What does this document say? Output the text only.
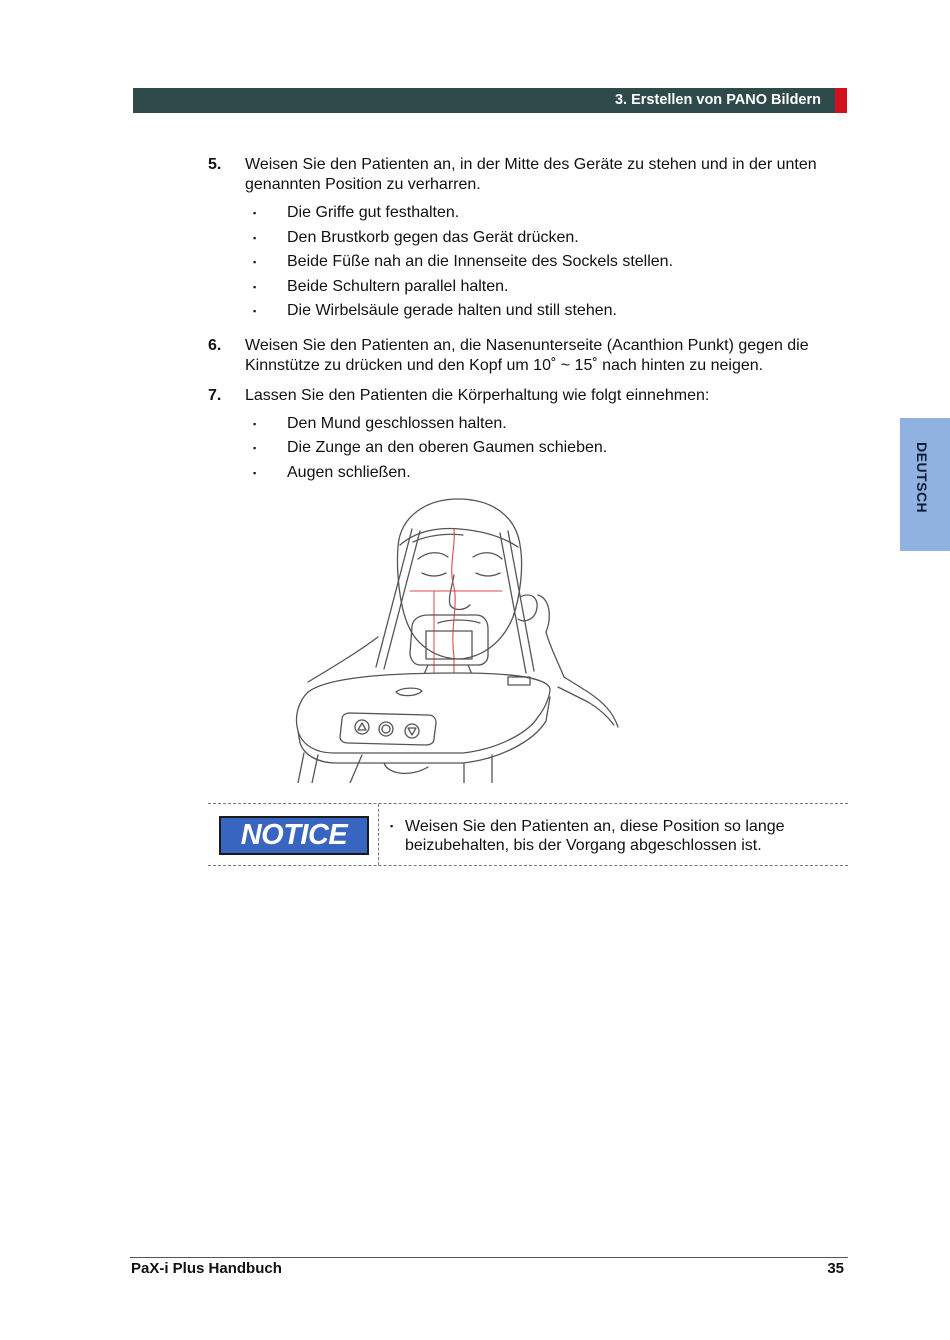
3. Erstellen von PANO Bildern
DEUTSCH
5.	Weisen Sie den Patienten an, in der Mitte des Geräte zu stehen und in der unten genannten Position zu verharren.
▪	Die Griffe gut festhalten.
▪	Den Brustkorb gegen das Gerät drücken.
▪	Beide Füße nah an die Innenseite des Sockels stellen.
▪	Beide Schultern parallel halten.
▪	Die Wirbelsäule gerade halten und still stehen.
6.	Weisen Sie den Patienten an, die Nasenunterseite (Acanthion Punkt) gegen die Kinnstütze zu drücken und den Kopf um 10˚ ~ 15˚ nach hinten zu neigen.
7.	Lassen Sie den Patienten die Körperhaltung wie folgt einnehmen:
▪	Den Mund geschlossen halten.
▪	Die Zunge an den oberen Gaumen schieben.
▪	Augen schließen.
NOTICE	▪ Weisen Sie den Patienten an, diese Position so lange beizubehalten, bis der Vorgang abgeschlossen ist.
PaX-i Plus Handbuch	35
